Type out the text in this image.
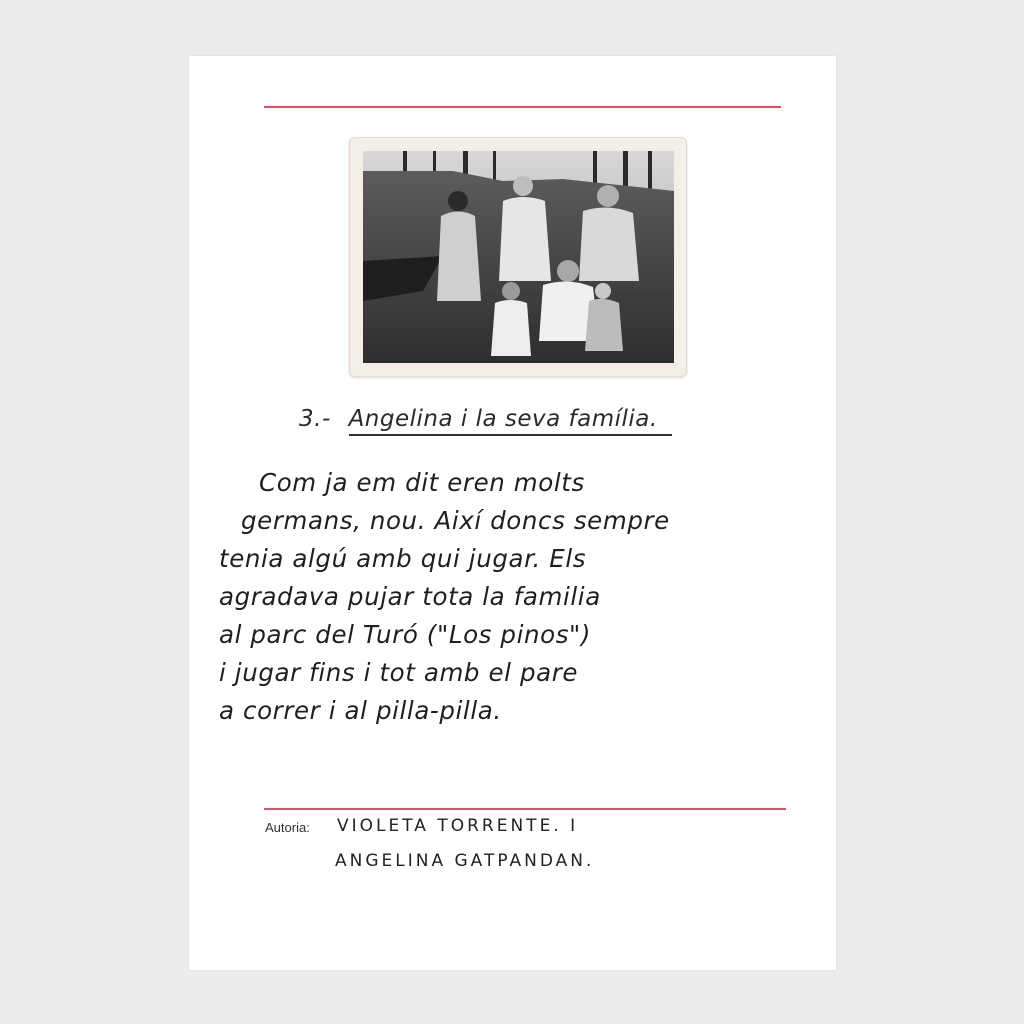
3.- Angelina i la seva família.
Com ja em dit eren molts
germans, nou. Així doncs sempre
tenia algú amb qui jugar. Els
agradava pujar tota la familia
al parc del Turó ("Los pinos")
i jugar fins i tot amb el pare
a correr i al pilla-pilla.
Autoria: VIOLETA TORRENTE. I
ANGELINA GATPANDAN.
